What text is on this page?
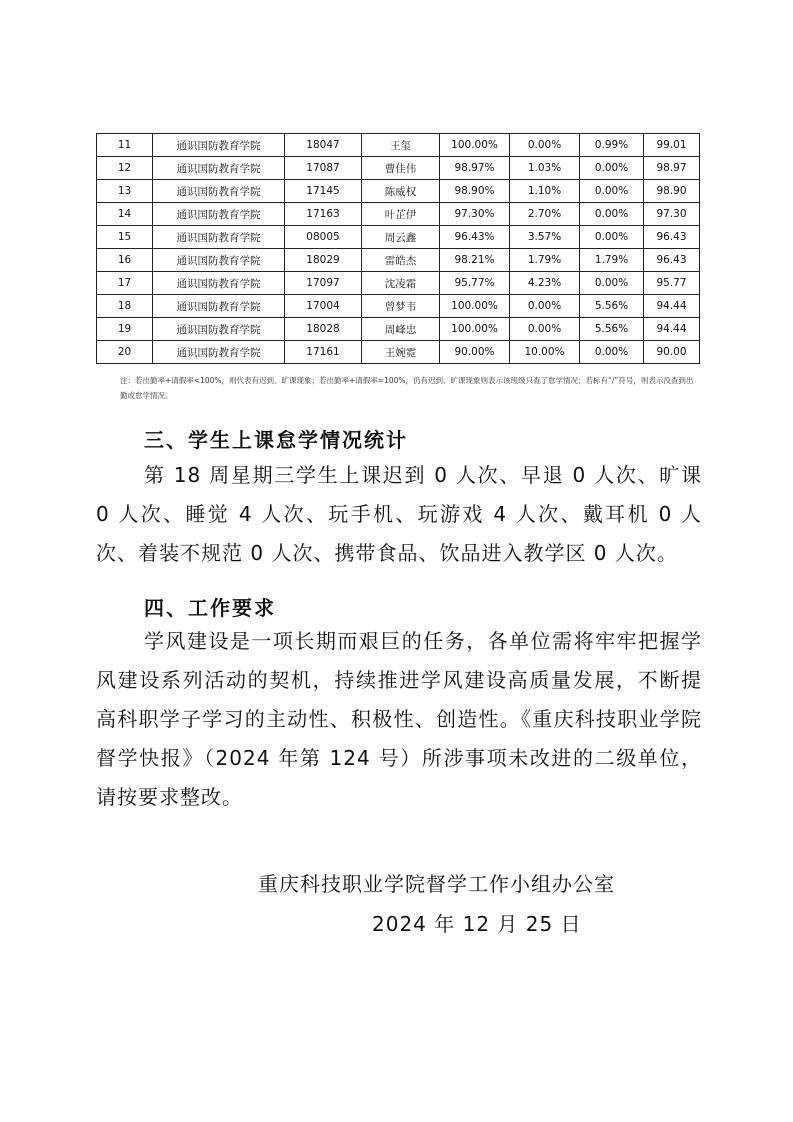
11	通识国防教育学院	18047	王玺	100.00%	0.00%	0.99%	99.01
12	通识国防教育学院	17087	曹佳伟	98.97%	1.03%	0.00%	98.97
13	通识国防教育学院	17145	陈威权	98.90%	1.10%	0.00%	98.90
14	通识国防教育学院	17163	叶芷伊	97.30%	2.70%	0.00%	97.30
15	通识国防教育学院	08005	周云鑫	96.43%	3.57%	0.00%	96.43
16	通识国防教育学院	18029	雷皓杰	98.21%	1.79%	1.79%	96.43
17	通识国防教育学院	17097	沈凌霜	95.77%	4.23%	0.00%	95.77
18	通识国防教育学院	17004	曾梦韦	100.00%	0.00%	5.56%	94.44
19	通识国防教育学院	18028	周峰忠	100.00%	0.00%	5.56%	94.44
20	通识国防教育学院	17161	王婉霓	90.00%	10.00%	0.00%	90.00
注：若出勤率+请假率<100%，则代表有迟到、旷课现象；若出勤率+请假率=100%，仍有迟到、旷课现象则表示该班级只查了怠学情况；若标有“/”符号，则表示没查到出勤或怠学情况。
三、学生上课怠学情况统计
第 18 周星期三学生上课迟到 0 人次、早退 0 人次、旷课 0 人次、睡觉 4 人次、玩手机、玩游戏 4 人次、戴耳机 0 人次、着装不规范 0 人次、携带食品、饮品进入教学区 0 人次。
四、工作要求
学风建设是一项长期而艰巨的任务，各单位需将牢牢把握学风建设系列活动的契机，持续推进学风建设高质量发展，不断提高科职学子学习的主动性、积极性、创造性。《重庆科技职业学院督学快报》（2024 年第 124 号）所涉事项未改进的二级单位，请按要求整改。
重庆科技职业学院督学工作小组办公室
2024 年 12 月 25 日
